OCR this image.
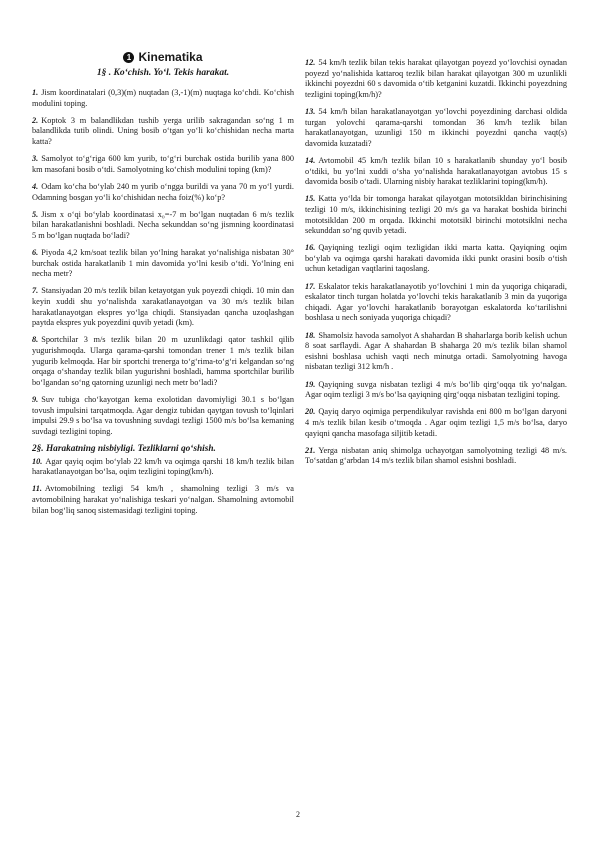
1 Kinematika
1§ . Ko‘chish. Yo‘l. Tekis harakat.
1. Jism koordinatalari (0,3)(m) nuqtadan (3,-1)(m) nuqtaga ko‘chdi. Ko‘chish modulini toping.
2. Koptok 3 m balandlikdan tushib yerga urilib sakragandan so‘ng 1 m balandlikda tutib olindi. Uning bosib o‘tgan yo‘li ko‘chishidan necha marta katta?
3. Samolyot to‘g‘riga 600 km yurib, to‘g‘ri burchak ostida burilib yana 800 km masofani bosib o‘tdi. Samolyotning ko‘chish modulini toping (km)?
4. Odam ko‘cha bo‘ylab 240 m yurib o‘ngga burildi va yana 70 m yo‘l yurdi. Odamning bosgan yo‘li ko‘chishidan necha foiz(%) ko‘p?
5. Jism x o‘qi bo‘ylab koordinatasi x₀=-7 m bo‘lgan nuqtadan 6 m/s tezlik bilan harakatlanishni boshladi. Necha sekunddan so‘ng jismning koordinatasi 5 m bo‘lgan nuqtada bo‘ladi?
6. Piyoda 4,2 km/soat tezlik bilan yo‘lning harakat yo‘nalishiga nisbatan 30° burchak ostida harakatlanib 1 min davomida yo‘lni kesib o‘tdi. Yo‘lning eni necha metr?
7. Stansiyadan 20 m/s tezlik bilan ketayotgan yuk poyezdi chiqdi. 10 min dan keyin xuddi shu yo‘nalishda xarakatlanayotgan va 30 m/s tezlik bilan harakatlanayotgan ekspres yo‘lga chiqdi. Stansiyadan qancha uzoqlashgan paytda ekspres yuk poyezdini quvib yetadi (km).
8. Sportchilar 3 m/s tezlik bilan 20 m uzunlikdagi qator tashkil qilib yugurishmoqda. Ularga qarama-qarshi tomondan trener 1 m/s tezlik bilan yugurib kelmoqda. Har bir sportchi trenerga to‘g‘rima-to‘g‘ri kelgandan so‘ng orqaga o‘shanday tezlik bilan yugurishni boshladi, hamma sportchilar burilib bo‘lgandan so‘ng qatorning uzunligi nech metr bo‘ladi?
9. Suv tubiga cho‘kayotgan kema exolotidan davomiyligi 30.1 s bo‘lgan tovush impulsini tarqatmoqda. Agar dengiz tubidan qaytgan tovush to‘lqinlari impulsi 29.9 s bo‘lsa va tovushning suvdagi tezligi 1500 m/s bo‘lsa kemaning suvdagi tezligini toping.
2§. Harakatning nisbiyligi. Tezliklarni qo‘shish.
10. Agar qayiq oqim bo‘ylab 22 km/h va oqimga qarshi 18 km/h tezlik bilan harakatlanayotgan bo‘lsa, oqim tezligini toping(km/h).
11. Avtomobilning tezligi 54 km/h , shamolning tezligi 3 m/s va avtomobilning harakat yo‘nalishiga teskari yo‘nalgan. Shamolning avtomobil bilan bog‘liq sanoq sistemasidagi tezligini toping.
12. 54 km/h tezlik bilan tekis harakat qilayotgan poyezd yo‘lovchisi oynadan poyezd yo‘nalishida kattaroq tezlik bilan harakat qilayotgan 300 m uzunlikli ikkinchi poyezdni 60 s davomida o‘tib ketganini kuzatdi. Ikkinchi poyezdning tezligini toping(km/h)?
13. 54 km/h bilan harakatlanayotgan yo‘lovchi poyezdining darchasi oldida turgan yolovchi qarama-qarshi tomondan 36 km/h tezlik bilan harakatlanayotgan, uzunligi 150 m ikkinchi poyezdni qancha vaqt(s) davomida kuzatadi?
14. Avtomobil 45 km/h tezlik bilan 10 s harakatlanib shunday yo‘l bosib o‘tdiki, bu yo‘lni xuddi o‘sha yo‘nalishda harakatlanayotgan avtobus 15 s davomida bosib o‘tadi. Ularning nisbiy harakat tezliklarini toping(km/h).
15. Katta yo‘lda bir tomonga harakat qilayotgan mototsikldan birinchisining tezligi 10 m/s, ikkinchisining tezligi 20 m/s ga va harakat boshida birinchi mototsikldan 200 m orqada. Ikkinchi mototsikl birinchi mototsiklni necha sekunddan so‘ng quvib yetadi.
16. Qayiqning tezligi oqim tezligidan ikki marta katta. Qayiqning oqim bo‘ylab va oqimga qarshi harakati davomida ikki punkt orasini bosib o‘tish uchun ketadigan vaqtlarini taqoslang.
17. Eskalator tekis harakatlanayotib yo‘lovchini 1 min da yuqoriga chiqaradi, eskalator tinch turgan holatda yo‘lovchi tekis harakatlanib 3 min da yuqoriga chiqadi. Agar yo‘lovchi harakatlanib borayotgan eskalatorda ko‘tarilishni boshlasa u nech soniyada yuqoriga chiqadi?
18. Shamolsiz havoda samolyot A shahardan B shaharlarga borib kelish uchun 8 soat sarflaydi. Agar A shahardan B shaharga 20 m/s tezlik bilan shamol esishni boshlasa uchish vaqti nech minutga ortadi. Samolyotning havoga nisbatan tezligi 312 km/h .
19. Qayiqning suvga nisbatan tezligi 4 m/s bo‘lib qirg‘oqqa tik yo‘nalgan. Agar oqim tezligi 3 m/s bo‘lsa qayiqning qirg‘oqqa nisbatan tezligini toping.
20. Qayiq daryo oqimiga perpendikulyar ravishda eni 800 m bo‘lgan daryoni 4 m/s tezlik bilan kesib o‘tmoqda . Agar oqim tezligi 1,5 m/s bo‘lsa, daryo qayiqni qancha masofaga siljitib ketadi.
21. Yerga nisbatan aniq shimolga uchayotgan samolyotning tezligi 48 m/s. To‘satdan g‘arbdan 14 m/s tezlik bilan shamol esishni boshladi.
2
